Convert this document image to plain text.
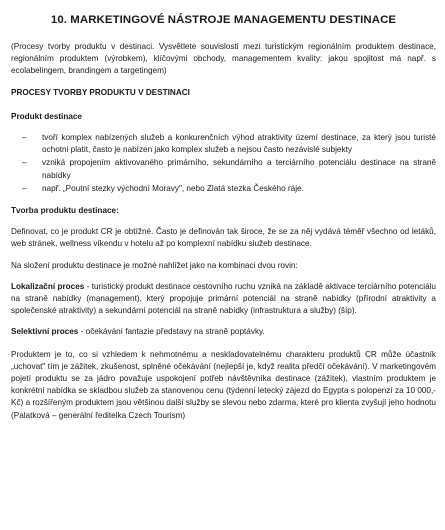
10. MARKETINGOVÉ NÁSTROJE MANAGEMENTU DESTINACE

(Procesy tvorby produktu v destinaci. Vysvětlete souvislosti mezi turistickým regionálním produktem destinace, regionálním produktem (výrobkem), klíčovými obchody, managementem kvality: jakou spojitost má např. s ecolabelingem, brandingem a targetingem)

PROCESY TVORBY PRODUKTU V DESTINACI

Produkt destinace

– tvoří komplex nabízených služeb a konkurenčních výhod atraktivity území destinace, za který jsou turisté ochotni platit, často je nabízen jako komplex služeb a nejsou často nezávislé subjekty
– vzniká propojením aktivovaného primárního, sekundárního a terciárního potenciálu destinace na straně nabídky
– např. „Poutní stezky východní Moravy", nebo Zlatá stezka Českého ráje.

Tvorba produktu destinace:

Definovat, co je produkt CR je obtížné. Často je definován tak široce, že se za něj vydává téměř všechno od letáků, web stránek, wellness víkendu v hotelu až po komplexní nabídku služeb destinace.

Na složení produktu destinace je možné nahlížet jako na kombinaci dvou rovin:

Lokalizační proces - turistický produkt destinace cestovního ruchu vzniká na základě aktivace terciárního potenciálu na straně nabídky (management), který propojuje primární potenciál na straně nabídky (přírodní atraktivity a společenské atraktivity) a sekundární potenciál na straně nabídky (infrastruktura a služby) (šíp).

Selektivní proces - očekávání fantazie představy na straně poptávky.

Produktem je to, co si vzhledem k nehmotnému a neskladovatelnému charakteru produktů CR může účastník „uchovat" tím je zážitek, zkušenost, splněné očekávání (nejlepší je, když realita předčí očekávání). V marketingovém pojetí produktu se za jádro považuje uspokojení potřeb návštěvníka destinace (zážitek), vlastním produktem je konkrétní nabídka se skladbou služeb za stanovenou cenu (týdenní letecký zájezd do Egypta s polopenzí za 10 000,- Kč) a rozšířeným produktem jsou většinou další služby se slevou nebo zdarma, které pro klienta zvyšují jeho hodnotu (Palatková – generální ředitelka Czech Tourism)
